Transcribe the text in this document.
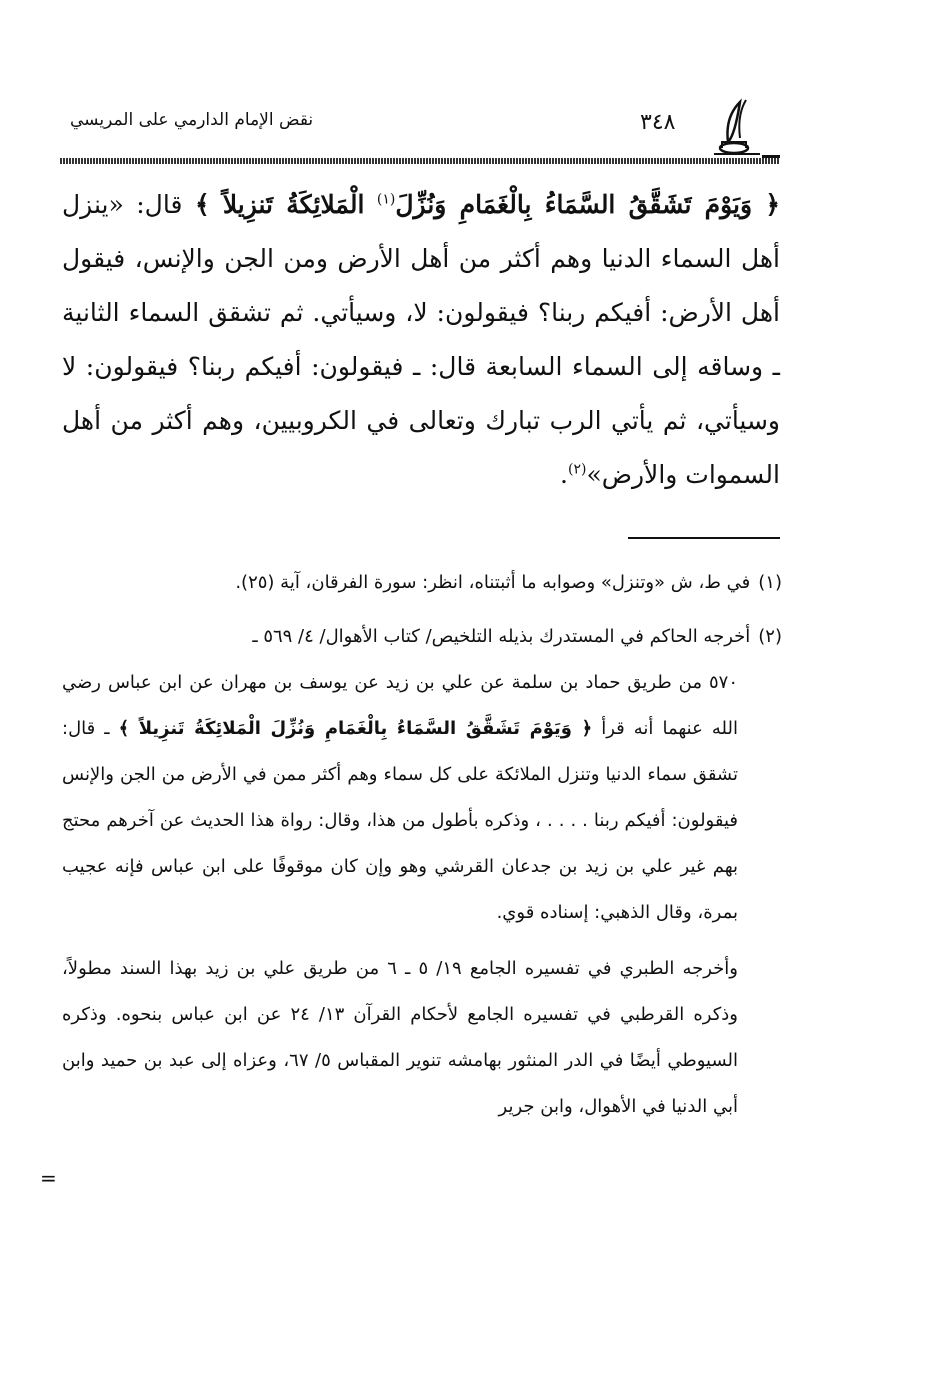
نقض الإمام الدارمي على المريسي	٣٤٨

﴿ وَيَوْمَ تَشَقَّقُ السَّمَاءُ بِالْغَمَامِ وَنُزِّلَ$^{(١)}$ الْمَلائِكَةُ تَنزِيلاً ﴾ قال: «ينزل أهل السماء الدنيا وهم أكثر من أهل الأرض ومن الجن والإنس، فيقول أهل الأرض: أفيكم ربنا؟ فيقولون: لا، وسيأتي. ثم تشقق السماء الثانية ـ وساقه إلى السماء السابعة قال: ـ فيقولون: أفيكم ربنا؟ فيقولون: لا وسيأتي، ثم يأتي الرب تبارك وتعالى في الكروبيين، وهم أكثر من أهل السموات والأرض»$^{(٢)}$.

(١)في ط، ش «وتنزل» وصوابه ما أثبتناه، انظر: سورة الفرقان، آية (٢٥).

(٢)أخرجه الحاكم في المستدرك بذيله التلخيص/ كتاب الأهوال/ ٤/ ٥٦٩ ـ

٥٧٠ من طريق حماد بن سلمة عن علي بن زيد عن يوسف بن مهران عن ابن عباس رضي الله عنهما أنه قرأ ﴿ وَيَوْمَ تَشَقَّقُ السَّمَاءُ بِالْغَمَامِ وَنُزِّلَ الْمَلائِكَةُ تَنزِيلاً ﴾ ـ قال: تشقق سماء الدنيا وتنزل الملائكة على كل سماء وهم أكثر ممن في الأرض من الجن والإنس فيقولون: أفيكم ربنا . . . . ، وذكره بأطول من هذا، وقال: رواة هذا الحديث عن آخرهم محتج بهم غير علي بن زيد بن جدعان القرشي وهو وإن كان موقوفًا على ابن عباس فإنه عجيب بمرة، وقال الذهبي: إسناده قوي.

وأخرجه الطبري في تفسيره الجامع ١٩/ ٥ ـ ٦ من طريق علي بن زيد بهذا السند مطولاً، وذكره القرطبي في تفسيره الجامع لأحكام القرآن ١٣/ ٢٤ عن ابن عباس بنحوه. وذكره السيوطي أيضًا في الدر المنثور بهامشه تنوير المقباس ٥/ ٦٧، وعزاه إلى عبد بن حميد وابن أبي الدنيا في الأهوال، وابن جرير

=
